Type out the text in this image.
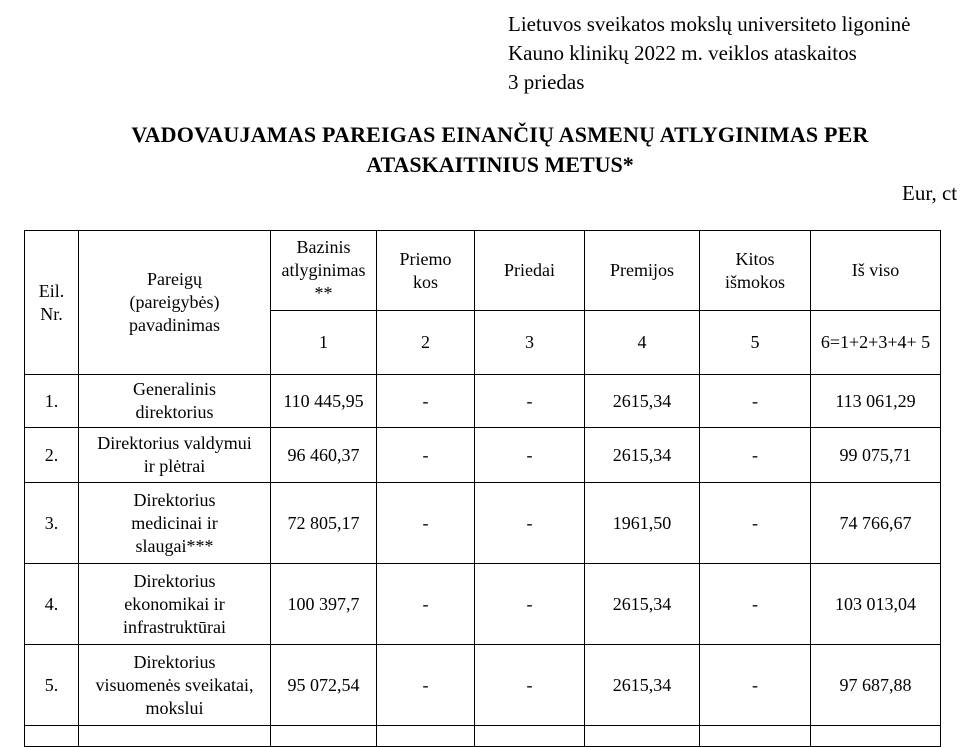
Lietuvos sveikatos mokslų universiteto ligoninė
Kauno klinikų 2022 m. veiklos ataskaitos
3 priedas
VADOVAUJAMAS PAREIGAS EINANČIŲ ASMENŲ ATLYGINIMAS PER
ATASKAITINIUS METUS*
Eur, ct
Eil. Nr.	Pareigų (pareigybės) pavadinimas	Bazinis atlyginimas **	Priemo kos	Priedai	Premijos	Kitos išmokos	Iš viso
		1	2	3	4	5	6=1+2+3+4+ 5
1.	Generalinis direktorius	110 445,95	-	-	2615,34	-	113 061,29
2.	Direktorius valdymui ir plėtrai	96 460,37	-	-	2615,34	-	99 075,71
3.	Direktorius medicinai ir slaugai***	72 805,17	-	-	1961,50	-	74 766,67
4.	Direktorius ekonomikai ir infrastruktūrai	100 397,7	-	-	2615,34	-	103 013,04
5.	Direktorius visuomenės sveikatai, mokslui	95 072,54	-	-	2615,34	-	97 687,88
